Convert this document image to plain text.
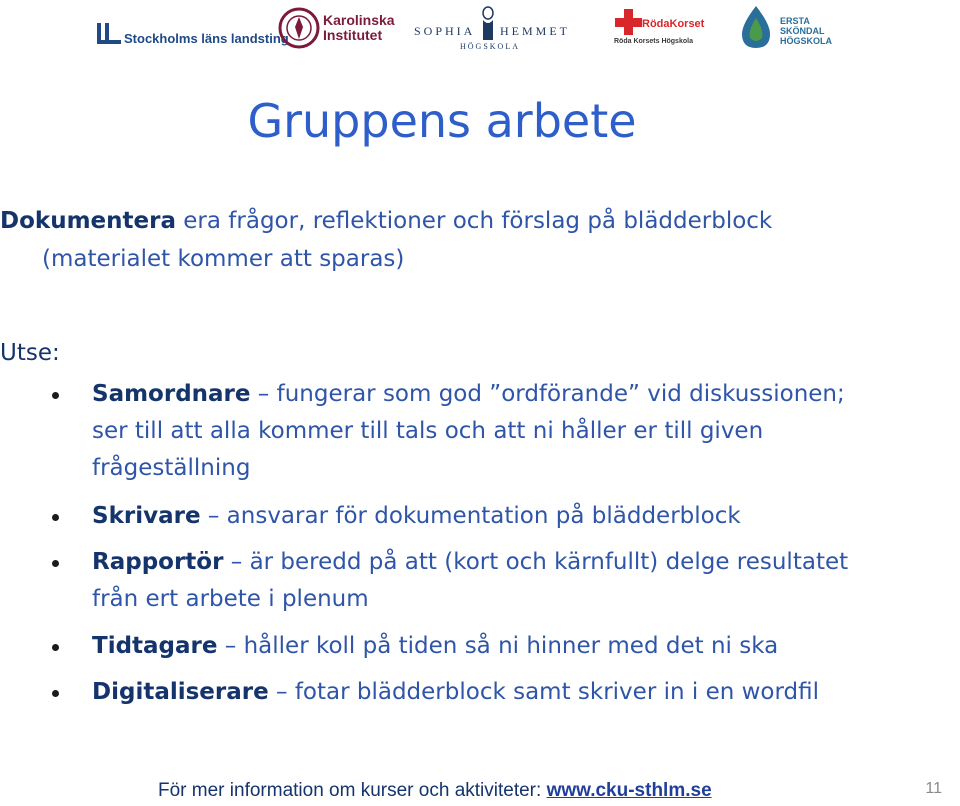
Stockholms läns landsting
Karolinska
Institutet	SOPHIA HEMMET
HÖGSKOLA
RödaKorset
Röda Korsets Högskola
ERSTA
SKÖNDAL
HÖGSKOLA
Gruppens arbete
Dokumentera era frågor, reflektioner och förslag på blädderblock
(materialet kommer att sparas)
Utse:
Samordnare – fungerar som god ”ordförande” vid diskussionen;
ser till att alla kommer till tals och att ni håller er till given
frågeställning
Skrivare – ansvarar för dokumentation på blädderblock
Rapportör – är beredd på att (kort och kärnfullt) delge resultatet
från ert arbete i plenum
Tidtagare – håller koll på tiden så ni hinner med det ni ska
Digitaliserare – fotar blädderblock samt skriver in i en wordfil
För mer information om kurser och aktiviteter: www.cku-sthlm.se	11
